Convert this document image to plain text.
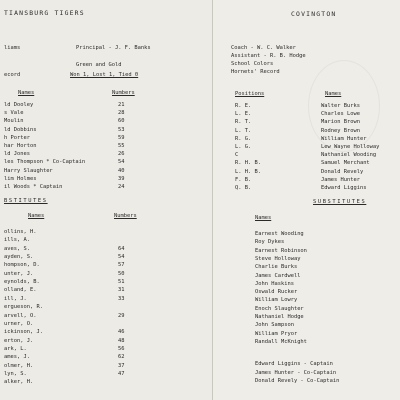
TIANSBURG TIGERS
liams	Principal - J. F. Banks
Green and Gold
ecord	Won 1, Lost 1, Tied 0
Names	Numbers
ld Dooley	21
s Vale	28
Moulin	60
ld Dobbins	53
h Porter	59
har Horton	55
ld Jones	26
les Thompson * Co-Captain	54
Harry Slaughter	40
lim Holmes	39
il Woods * Captain	24
BSTITUTES
Names	Numbers
ollins, H.
ills, A.
aves, S.	64
ayden, S.	54
hompson, D.	57
unter, J.	50
eynolds, B.	51
olland, E.	31
ill, J.	33
ergueson, R.
arvell, O.	29
urner, O.
ickinson, J.	46
erton, J.	48
ark, L.	56
ames, J.	62
olmer, H.	37
lyn, S.	47
alker, H.
COVINGTON
Coach - W. C. Walker
Assistant - R. B. Hodge
School Colors
Hornets' Record
Positions	Names
R. E.	Walter Burks
L. E.	Charles Lowe
R. T.	Marion Brown
L. T.	Rodney Brown
R. G.	William Hunter
L. G.	Lew Wayne Holloway
C	Nathaniel Wooding
R. H. B.	Samuel Merchant
L. H. B.	Donald Revely
F. B.	James Hunter
Q. B.	Edward Liggins
SUBSTITUTES
Names
Earnest Wooding
Roy Dykes
Earnest Robinson
Steve Holloway
Charlie Burks
James Cardwell
John Haskins
Oswald Rucker
William Lowry
Enoch Slaughter
Nathaniel Hodge
John Sampson
William Pryor
Randall McKnight
Edward Liggins - Captain
James Hunter - Co-Captain
Donald Revely - Co-Captain
